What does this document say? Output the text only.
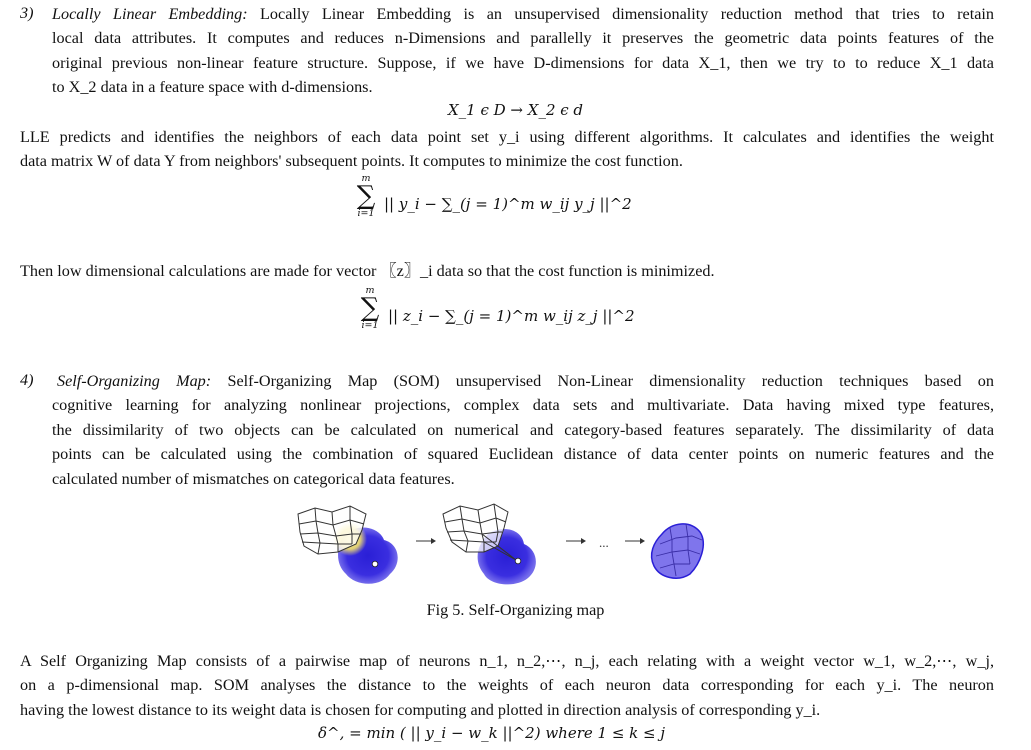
3) Locally Linear Embedding: Locally Linear Embedding is an unsupervised dimensionality reduction method that tries to retain
local data attributes. It computes and reduces n-Dimensions and parallelly it preserves the geometric data points features of the
original previous non-linear feature structure. Suppose, if we have D-dimensions for data X_1, then we try to to reduce X_1 data
to X_2 data in a feature space with d-dimensions.
X_1 ϵ D → X_2 ϵ d
LLE predicts and identifies the neighbors of each data point set y_i using different algorithms. It calculates and identifies the weight
data matrix W of data Y from neighbors' subsequent points. It computes to minimize the cost function.
m
∑
i=1
|| y_i − ∑_(j = 1)^m w_ij y_j ||^2
Then low dimensional calculations are made for vector 〖z〗_i data so that the cost function is minimized.
m
∑
i=1
|| z_i − ∑_(j = 1)^m w_ij z_j ||^2
4)	Self-Organizing Map: Self-Organizing Map (SOM) unsupervised Non-Linear dimensionality reduction techniques based on
cognitive learning for analyzing nonlinear projections, complex data sets and multivariate. Data having mixed type features,
the dissimilarity of two objects can be calculated on numerical and category-based features separately. The dissimilarity of data
points can be calculated using the combination of squared Euclidean distance of data center points on numeric features and the
calculated number of mismatches on categorical data features.
...
Fig 5. Self-Organizing map
A Self Organizing Map consists of a pairwise map of neurons n_1, n_2,⋯, n_j, each relating with a weight vector w_1, w_2,⋯, w_j,
on a p-dimensional map. SOM analyses the distance to the weights of each neuron data corresponding for each y_i. The neuron
having the lowest distance to its weight data is chosen for computing and plotted in direction analysis of corresponding y_i.
δ^, = min ( || y_i − w_k ||^2) where 1 ≤ k ≤ j
